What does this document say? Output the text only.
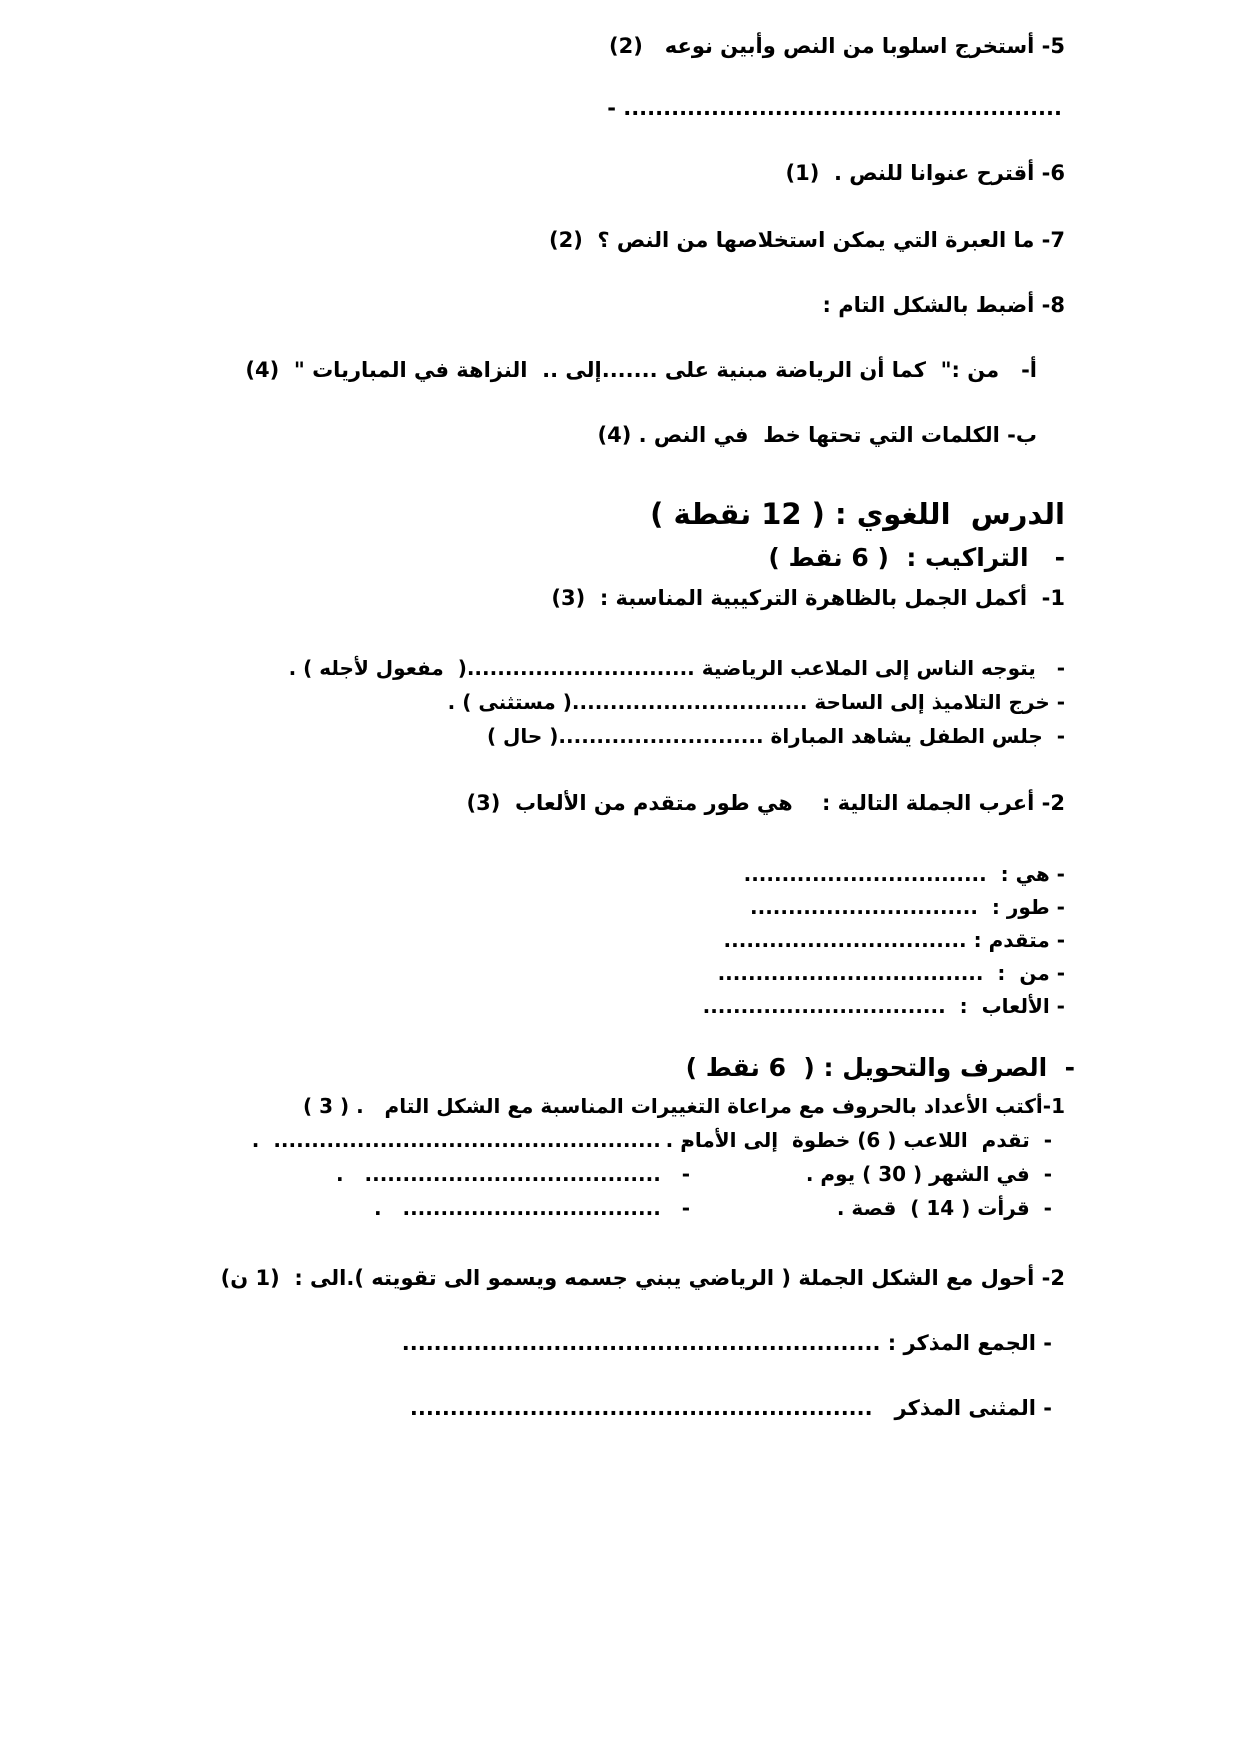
5- أستخرج اسلوبا من النص وأبين نوعه   (2)
- .......................................................
6- أقترح عنوانا للنص .  (1)
7- ما العبرة التي يمكن استخلاصها من النص ؟  (2)
8- أضبط بالشكل التام :
أ-   من :"  كما أن الرياضة مبنية على .......إلى ..  النزاهة في المباريات "  (4)
ب- الكلمات التي تحتها خط  في النص . (4)
الدرس  اللغوي : ( 12 نقطة )
-   التراكيب :  ( 6 نقط )
1-  أكمل الجمل بالظاهرة التركيبية المناسبة :  (3)
-   يتوجه الناس إلى الملاعب الرياضية ..............................(  مفعول لأجله ) .
- خرج التلاميذ إلى الساحة ...............................( مستثنى ) .
-  جلس الطفل يشاهد المباراة ...........................( حال )
2- أعرب الجملة التالية :    هي طور متقدم من الألعاب  (3)
- هي :  ................................
- طور :  ..............................
- متقدم : ................................
- من  :  ...................................
- الألعاب  :  ................................
-  الصرف والتحويل : (  6 نقط )
1-أكتب الأعداد بالحروف مع مراعاة التغييرات المناسبة مع الشكل التام   . ( 3 )
-  تقدم  اللاعب ( 6) خطوة  إلى الأمام .
.  ...................................................   -
-  في الشهر ( 30 ) يوم .
.   .......................................   -
-  قرأت ( 14 )  قصة .
.   ..................................   -
2- أحول مع الشكل الجملة ( الرياضي يبني جسمه ويسمو الى تقويته ).الى :  (1 ن)
- الجمع المذكر : ............................................................
- المثنى المذكر   ..........................................................
